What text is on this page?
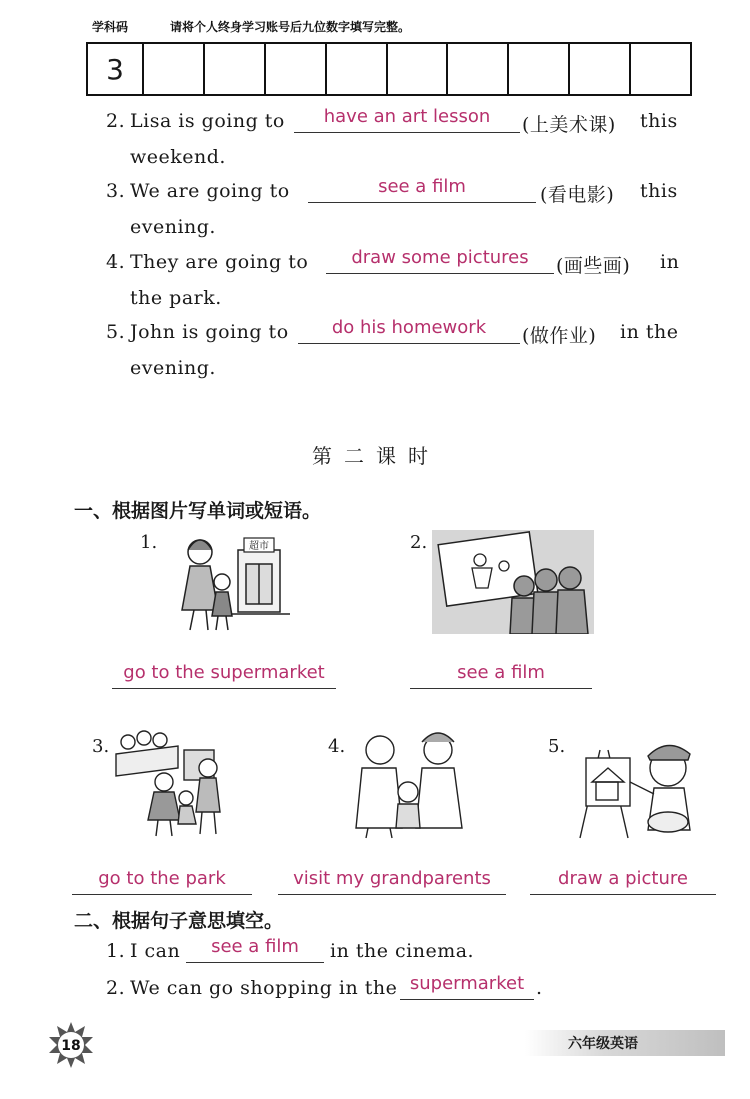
学科码	请将个人终身学习账号后九位数字填写完整。
3
2. Lisa is going to	have an art lesson	(上美术课) this
weekend.
3. We are going to	see a film	(看电影) this
evening.
4. They are going to	draw some pictures	(画些画) in
the park.
5. John is going to	do his homework	(做作业) in the
evening.
第二课时
一、根据图片写单词或短语。
1.	超市
go to the supermarket
2.
see a film
3.
go to the park
4.
visit my grandparents
5.
draw a picture
二、根据句子意思填空。
1. I can	see a film	in the cinema.
2. We can go shopping in the supermarket .
18	六年级英语
